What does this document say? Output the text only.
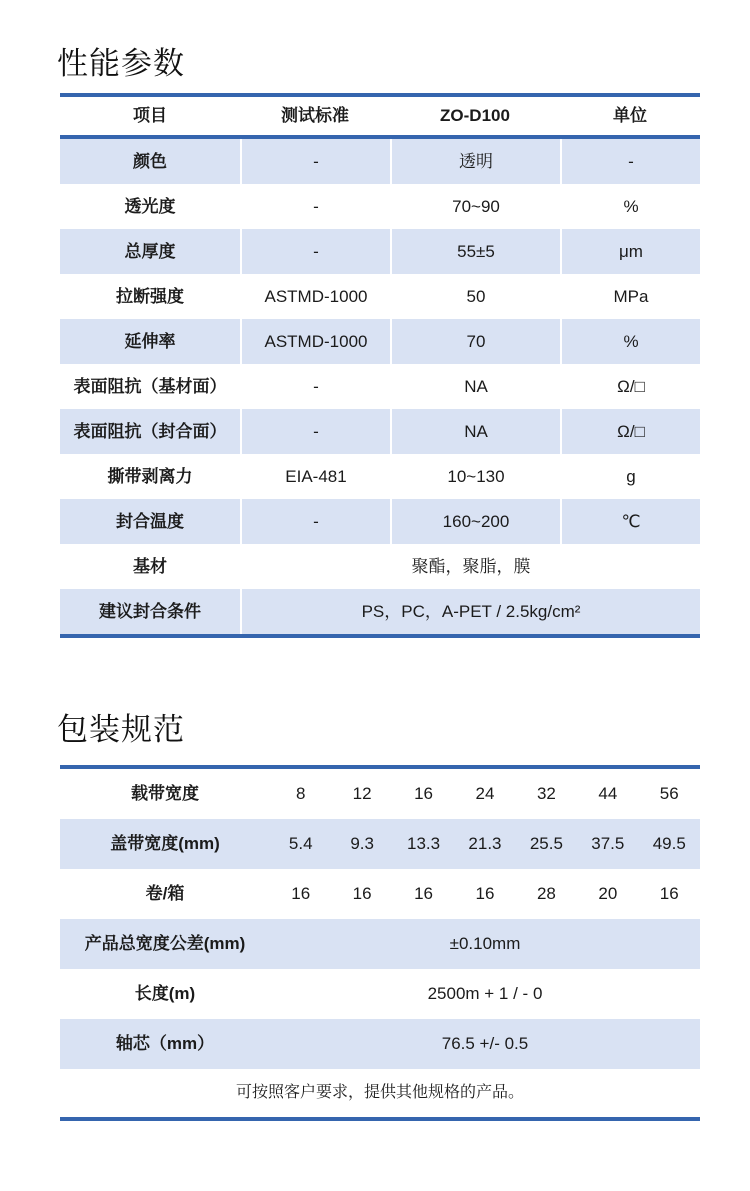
性能参数
项目	测试标准	ZO-D100	单位
颜色	-	透明	-
透光度	-	70~90	%
总厚度	-	55±5	μm
拉断强度	ASTMD-1000	50	MPa
延伸率	ASTMD-1000	70	%
表面阻抗（基材面）	-	NA	Ω/□
表面阻抗（封合面）	-	NA	Ω/□
撕带剥离力	EIA-481	10~130	g
封合温度	-	160~200	℃
基材	聚酯，聚脂，膜
建议封合条件	PS，PC，A-PET / 2.5kg/cm²
包装规范
载带宽度	8	12	16	24	32	44	56
盖带宽度(mm)	5.4	9.3	13.3	21.3	25.5	37.5	49.5
卷/箱	16	16	16	16	28	20	16
产品总宽度公差(mm)	±0.10mm
长度(m)	2500m + 1 / - 0
轴芯（mm）	76.5 +/- 0.5
可按照客户要求，提供其他规格的产品。
